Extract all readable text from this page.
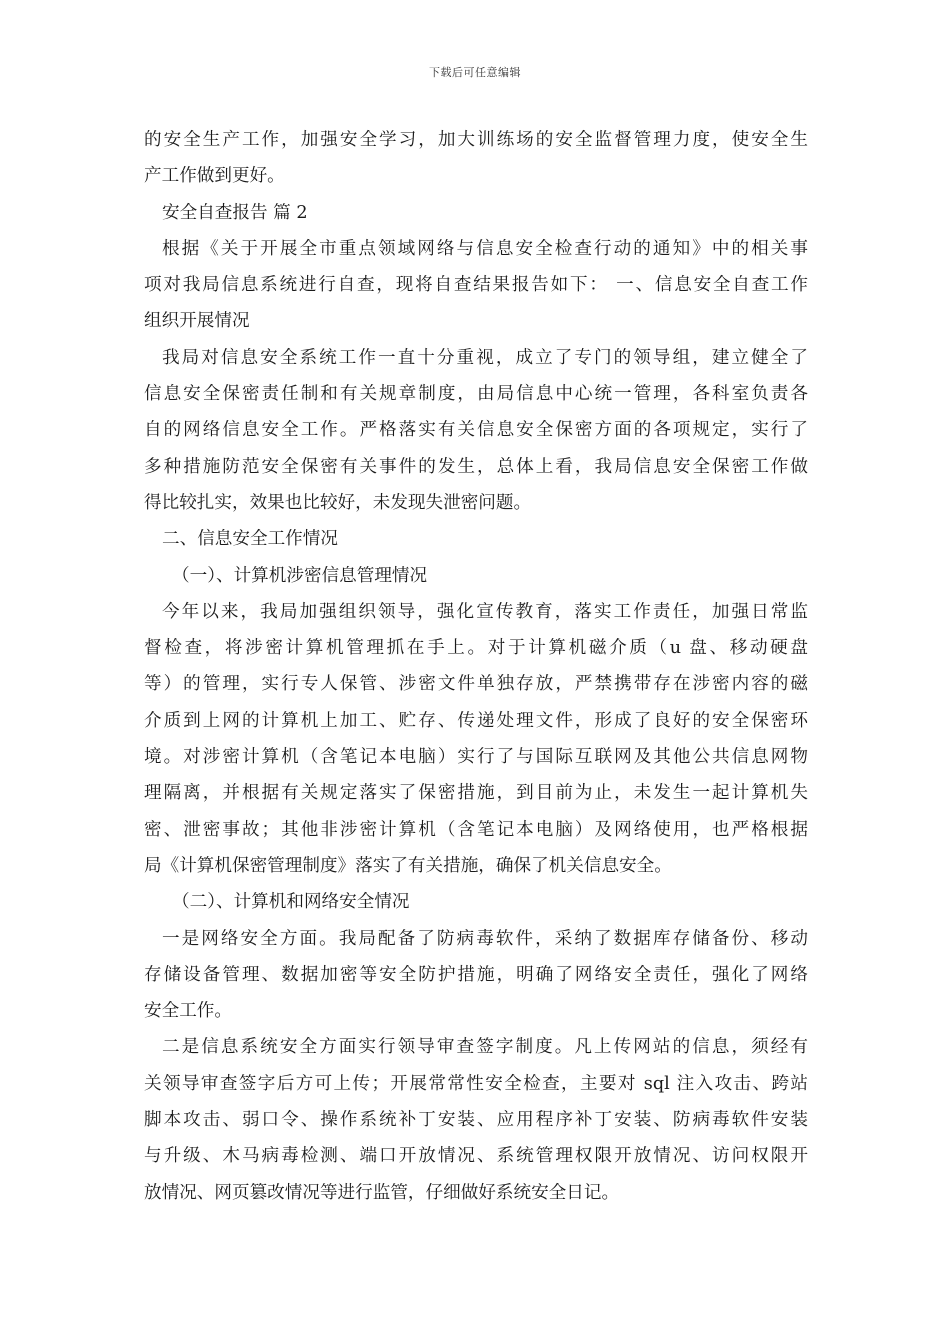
下载后可任意编辑
的安全生产工作，加强安全学习，加大训练场的安全监督管理力度，使安全生
产工作做到更好。
安全自查报告 篇 2
根据《关于开展全市重点领域网络与信息安全检查行动的通知》中的相关事
项对我局信息系统进行自查，现将自查结果报告如下： 一、信息安全自查工作
组织开展情况
我局对信息安全系统工作一直十分重视，成立了专门的领导组，建立健全了
信息安全保密责任制和有关规章制度，由局信息中心统一管理，各科室负责各
自的网络信息安全工作。严格落实有关信息安全保密方面的各项规定，实行了
多种措施防范安全保密有关事件的发生，总体上看，我局信息安全保密工作做
得比较扎实，效果也比较好，未发现失泄密问题。
二、信息安全工作情况
（一）、计算机涉密信息管理情况
今年以来，我局加强组织领导，强化宣传教育，落实工作责任，加强日常监
督检查，将涉密计算机管理抓在手上。对于计算机磁介质（u 盘、移动硬盘
等）的管理，实行专人保管、涉密文件单独存放，严禁携带存在涉密内容的磁
介质到上网的计算机上加工、贮存、传递处理文件，形成了良好的安全保密环
境。对涉密计算机（含笔记本电脑）实行了与国际互联网及其他公共信息网物
理隔离，并根据有关规定落实了保密措施，到目前为止，未发生一起计算机失
密、泄密事故；其他非涉密计算机（含笔记本电脑）及网络使用，也严格根据
局《计算机保密管理制度》落实了有关措施，确保了机关信息安全。
（二）、计算机和网络安全情况
一是网络安全方面。我局配备了防病毒软件，采纳了数据库存储备份、移动
存储设备管理、数据加密等安全防护措施，明确了网络安全责任，强化了网络
安全工作。
二是信息系统安全方面实行领导审查签字制度。凡上传网站的信息，须经有
关领导审查签字后方可上传；开展常常性安全检查，主要对 sql 注入攻击、跨站
脚本攻击、弱口令、操作系统补丁安装、应用程序补丁安装、防病毒软件安装
与升级、木马病毒检测、端口开放情况、系统管理权限开放情况、访问权限开
放情况、网页篡改情况等进行监管，仔细做好系统安全日记。
